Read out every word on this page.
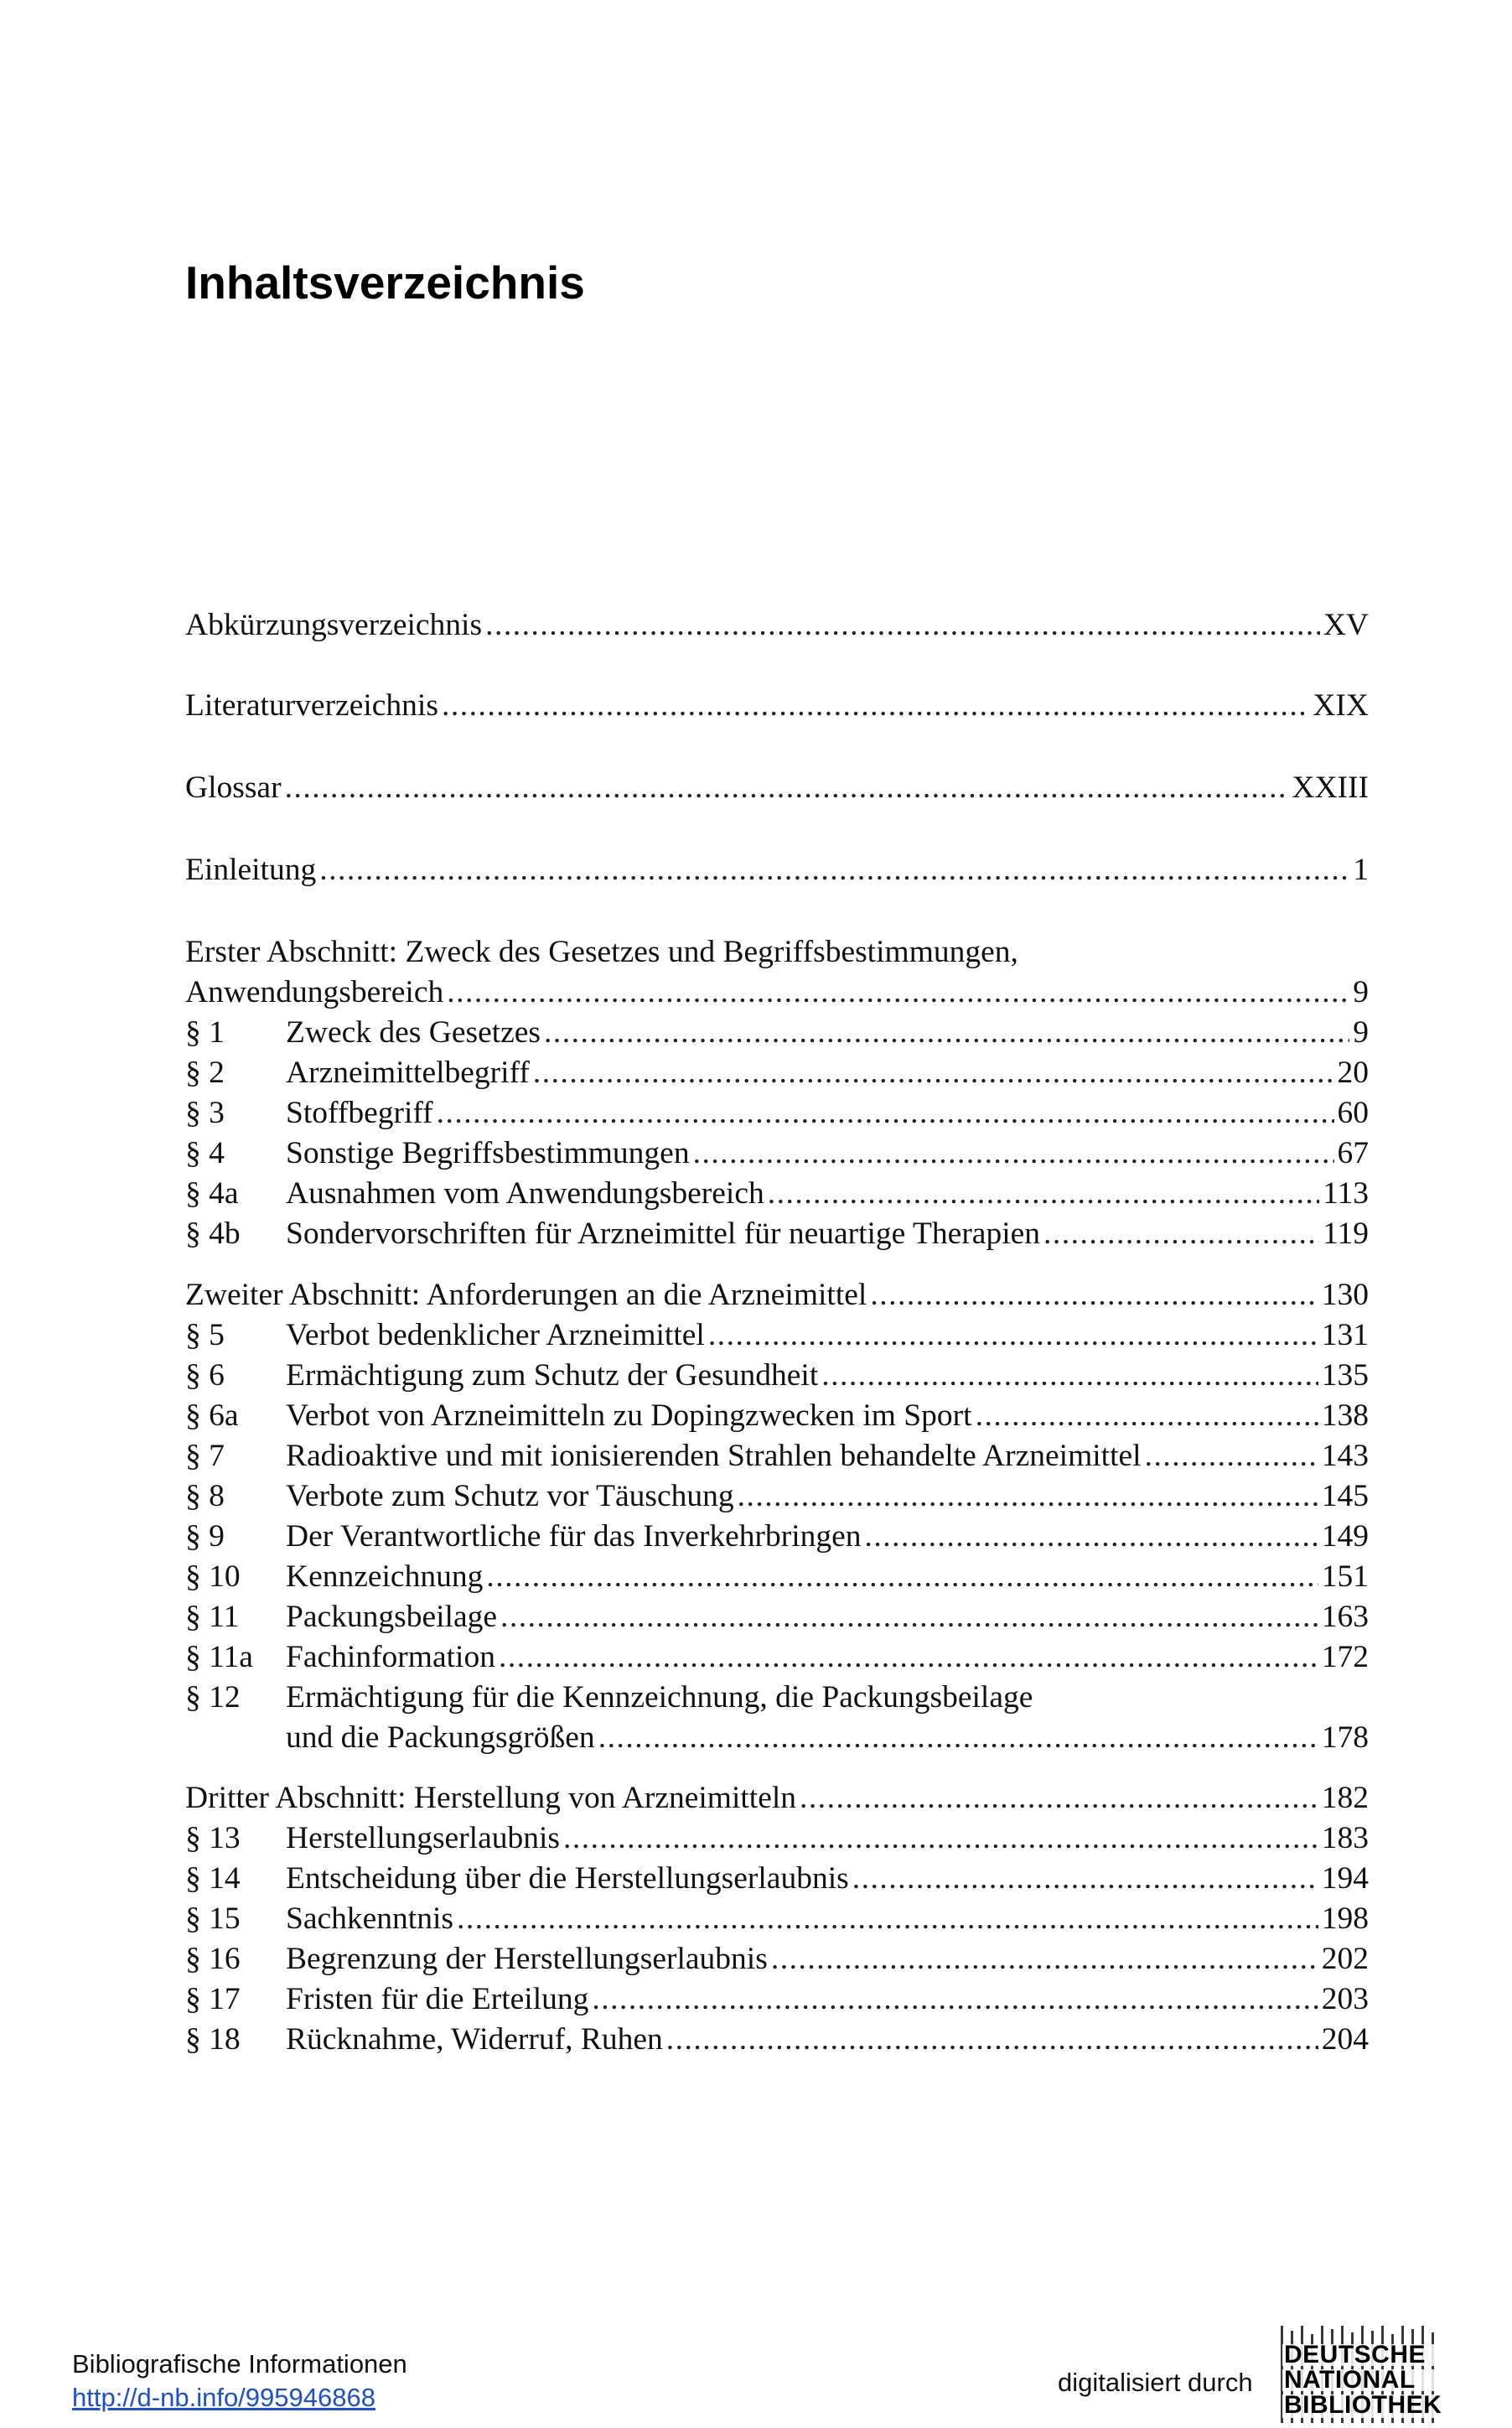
Inhaltsverzeichnis
Abkürzungsverzeichnis .....	XV
Literaturverzeichnis .....	XIX
Glossar .....	XXIII
Einleitung .....	1
Erster Abschnitt: Zweck des Gesetzes und Begriffsbestimmungen,
Anwendungsbereich .....	9
§ 1	Zweck des Gesetzes .....	9
§ 2	Arzneimittelbegriff .....	20
§ 3	Stoffbegriff .....	60
§ 4	Sonstige Begriffsbestimmungen .....	67
§ 4a	Ausnahmen vom Anwendungsbereich .....	113
§ 4b	Sondervorschriften für Arzneimittel für neuartige Therapien .....	119
Zweiter Abschnitt: Anforderungen an die Arzneimittel .....	130
§ 5	Verbot bedenklicher Arzneimittel .....	131
§ 6	Ermächtigung zum Schutz der Gesundheit .....	135
§ 6a	Verbot von Arzneimitteln zu Dopingzwecken im Sport .....	138
§ 7	Radioaktive und mit ionisierenden Strahlen behandelte Arzneimittel .....	143
§ 8	Verbote zum Schutz vor Täuschung .....	145
§ 9	Der Verantwortliche für das Inverkehrbringen .....	149
§ 10	Kennzeichnung .....	151
§ 11	Packungsbeilage .....	163
§ 11a	Fachinformation .....	172
§ 12 Ermächtigung für die Kennzeichnung, die Packungsbeilage
und die Packungsgrößen .....	178
Dritter Abschnitt: Herstellung von Arzneimitteln .....	182
§ 13	Herstellungserlaubnis .....	183
§ 14	Entscheidung über die Herstellungserlaubnis .....	194
§ 15	Sachkenntnis .....	198
§ 16	Begrenzung der Herstellungserlaubnis .....	202
§ 17	Fristen für die Erteilung .....	203
§ 18	Rücknahme, Widerruf, Ruhen .....	204
Bibliografische Informationen
http://d-nb.info/995946868
digitalisiert durch
DEUTSCHE
NATIONAL
BIBLIOTHEK
